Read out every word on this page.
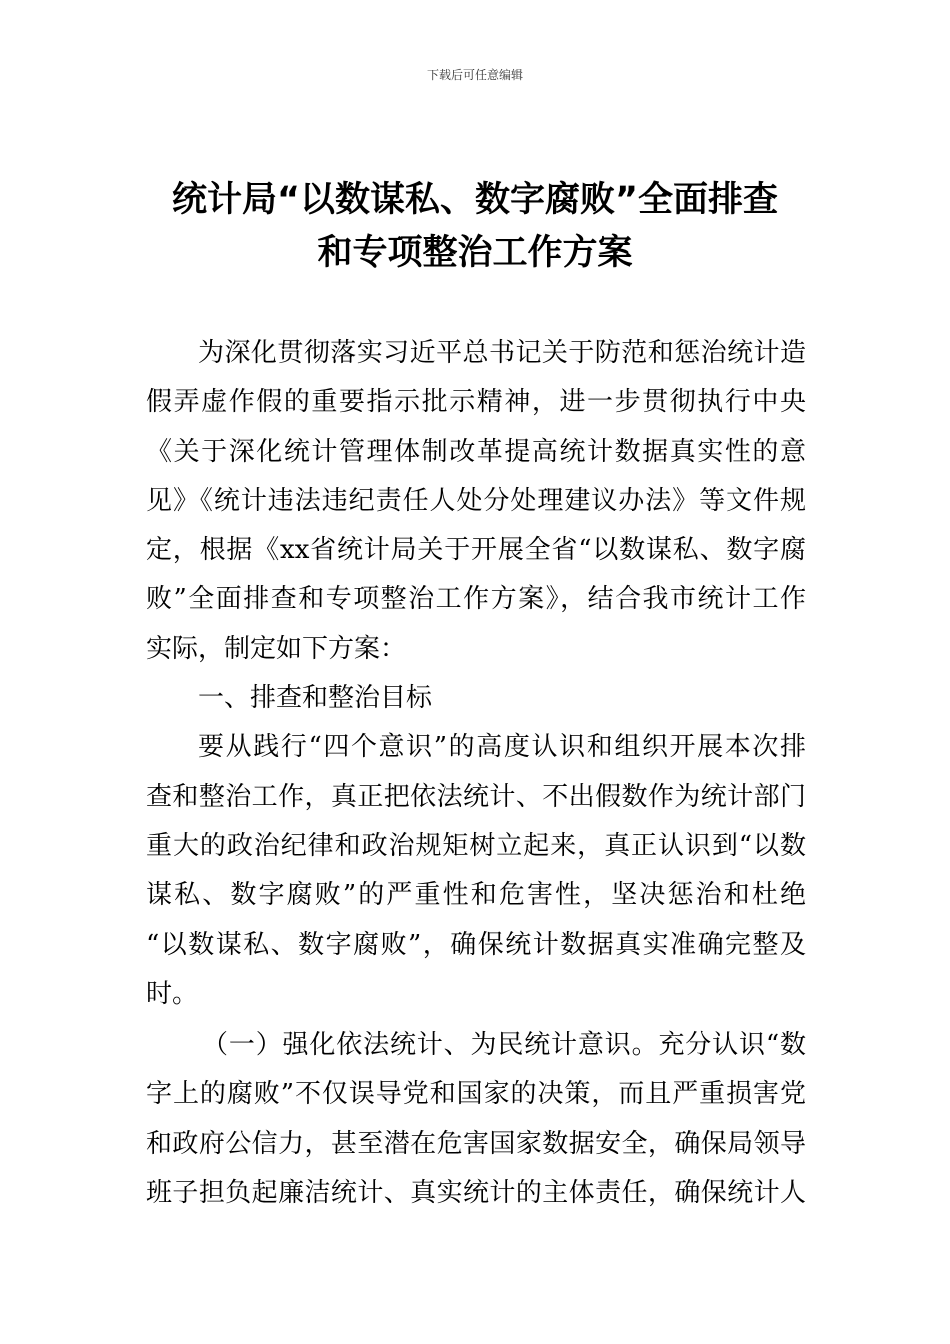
下载后可任意编辑
统计局“以数谋私、数字腐败”全面排查
和专项整治工作方案
为深化贯彻落实习近平总书记关于防范和惩治统计造
假弄虚作假的重要指示批示精神，进一步贯彻执行中央
《关于深化统计管理体制改革提高统计数据真实性的意
见》《统计违法违纪责任人处分处理建议办法》等文件规
定，根据《xx省统计局关于开展全省“以数谋私、数字腐
败”全面排查和专项整治工作方案》，结合我市统计工作
实际，制定如下方案：
一、排查和整治目标
要从践行“四个意识”的高度认识和组织开展本次排
查和整治工作，真正把依法统计、不出假数作为统计部门
重大的政治纪律和政治规矩树立起来，真正认识到“以数
谋私、数字腐败”的严重性和危害性，坚决惩治和杜绝
“以数谋私、数字腐败”，确保统计数据真实准确完整及
时。
（一）强化依法统计、为民统计意识。充分认识“数
字上的腐败”不仅误导党和国家的决策，而且严重损害党
和政府公信力，甚至潜在危害国家数据安全，确保局领导
班子担负起廉洁统计、真实统计的主体责任，确保统计人
